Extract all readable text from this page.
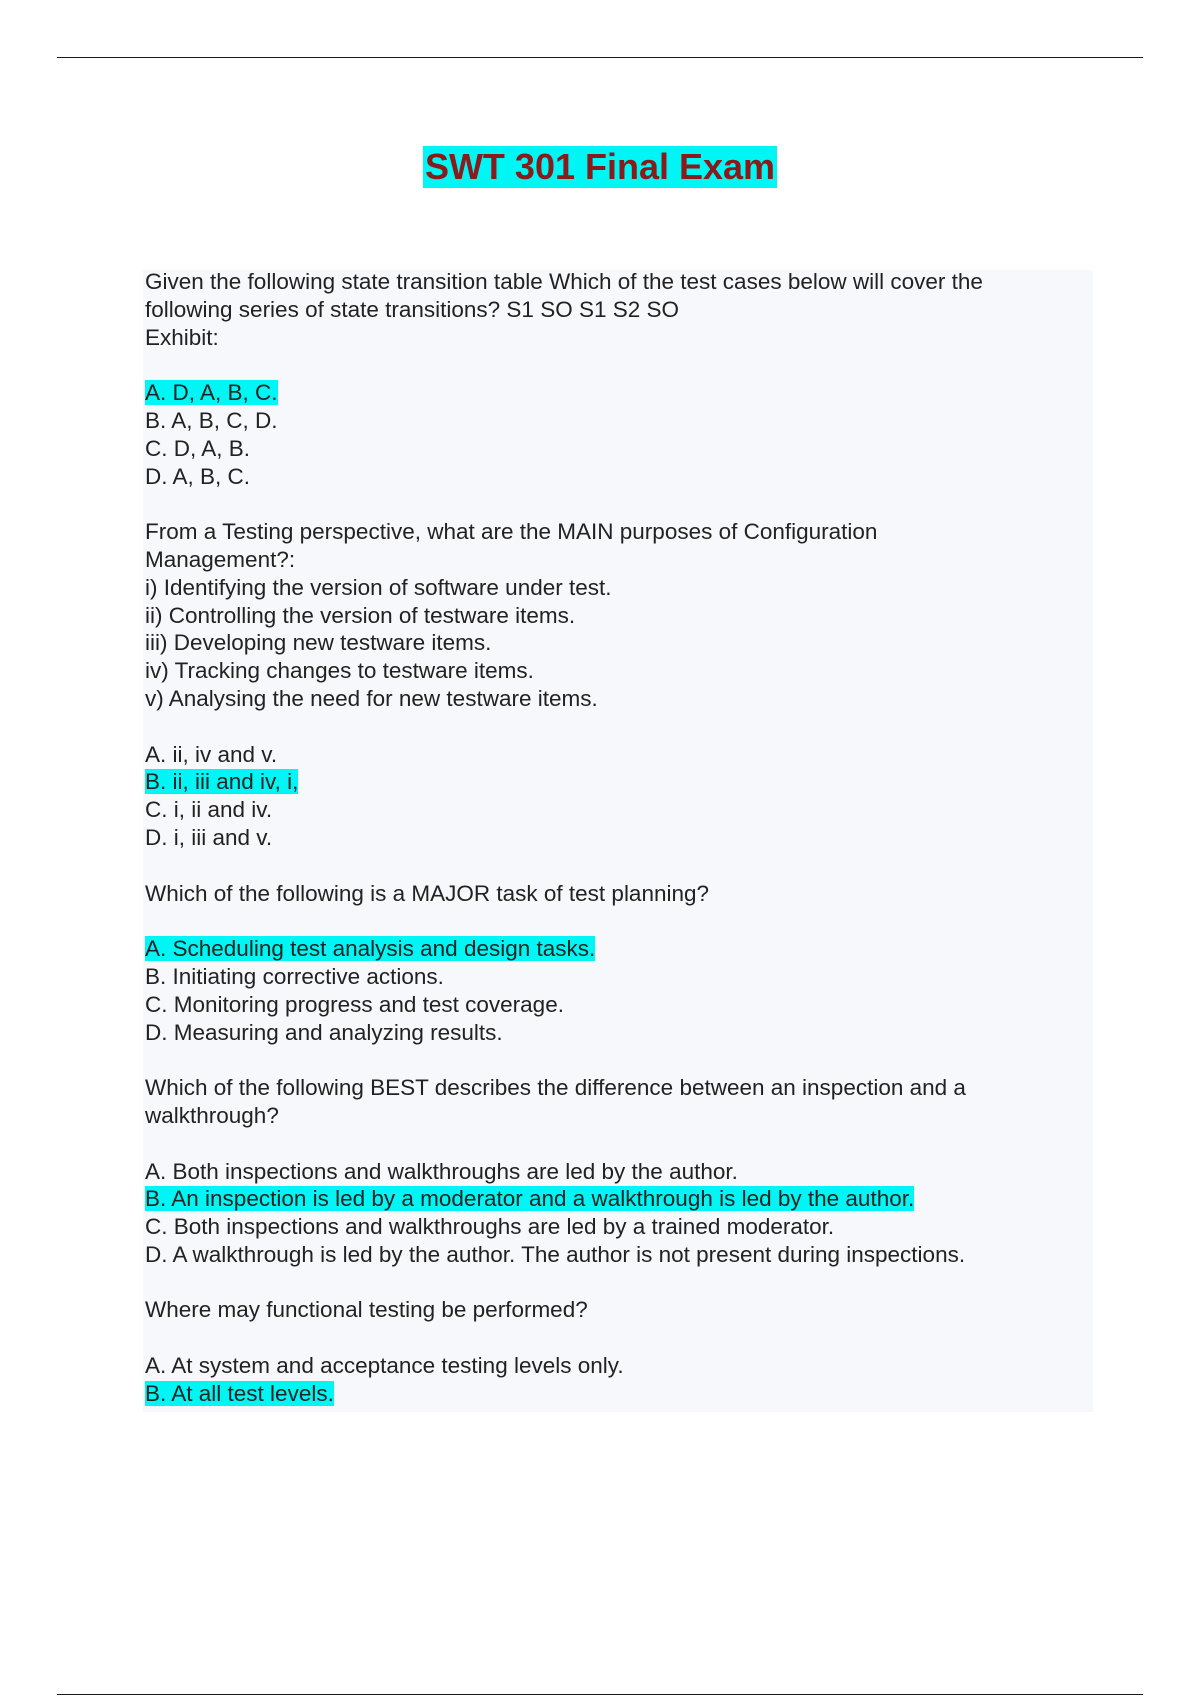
SWT 301 Final Exam
Given the following state transition table Which of the test cases below will cover the
following series of state transitions? S1 SO S1 S2 SO
Exhibit:
A. D, A, B, C.
B. A, B, C, D.
C. D, A, B.
D. A, B, C.
From a Testing perspective, what are the MAIN purposes of Configuration
Management?:
i) Identifying the version of software under test.
ii) Controlling the version of testware items.
iii) Developing new testware items.
iv) Tracking changes to testware items.
v) Analysing the need for new testware items.
A. ii, iv and v.
B. ii, iii and iv, i,
C. i, ii and iv.
D. i, iii and v.
Which of the following is a MAJOR task of test planning?
A. Scheduling test analysis and design tasks.
B. Initiating corrective actions.
C. Monitoring progress and test coverage.
D. Measuring and analyzing results.
Which of the following BEST describes the difference between an inspection and a
walkthrough?
A. Both inspections and walkthroughs are led by the author.
B. An inspection is led by a moderator and a walkthrough is led by the author.
C. Both inspections and walkthroughs are led by a trained moderator.
D. A walkthrough is led by the author. The author is not present during inspections.
Where may functional testing be performed?
A. At system and acceptance testing levels only.
B. At all test levels.
